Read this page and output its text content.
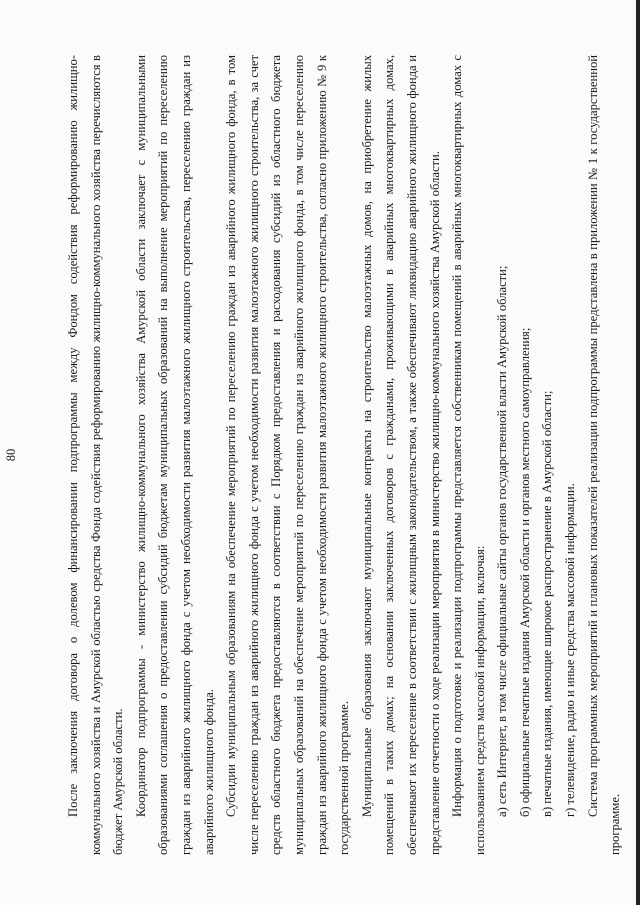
80	После заключения договора о долевом финансировании подпрограммы между Фондом содействия реформированию жилищно-коммунального хозяйства и Амурской областью средства Фонда содействия реформированию жилищно-коммунального хозяйства перечисляются в бюджет Амурской области. Координатор подпрограммы - министерство жилищно-коммунального хозяйства Амурской области заключает с муниципальными образованиями соглашения о предоставлении субсидий бюджетам муниципальных образований на выполнение мероприятий по переселению граждан из аварийного жилищного фонда с учетом необходимости развития малоэтажного жилищного строительства, переселению граждан из аварийного жилищного фонда. Субсидии муниципальным образованиям на обеспечение мероприятий по переселению граждан из аварийного жилищного фонда, в том числе переселению граждан из аварийного жилищного фонда с учетом необходимости развития малоэтажного жилищного строительства, за счет средств областного бюджета предоставляются в соответствии с Порядком предоставления и расходования субсидий из областного бюджета муниципальных образований на обеспечение мероприятий по переселению граждан из аварийного жилищного фонда, в том числе переселению граждан из аварийного жилищного фонда с учетом необходимости развития малоэтажного жилищного строительства, согласно приложению № 9 к государственной программе. Муниципальные образования заключают муниципальные контракты на строительство малоэтажных домов, на приобретение жилых помещений в таких домах; на основании заключенных договоров с гражданами, проживающими в аварийных многоквартирных домах, обеспечивают их переселение в соответствии с жилищным законодательством, а также обеспечивают ликвидацию аварийного жилищного фонда и представление отчетности о ходе реализации мероприятия в министерство жилищно-коммунального хозяйства Амурской области. Информация о подготовке и реализации подпрограммы представляется собственникам помещений в аварийных многоквартирных домах с использованием средств массовой информации, включая: а) сеть Интернет, в том числе официальные сайты органов государственной власти Амурской области; б) официальные печатные издания Амурской области и органов местного самоуправления; в) печатные издания, имеющие широкое распространение в Амурской области; г) телевидение, радио и иные средства массовой информации. Система программных мероприятий и плановых показателей реализации подпрограммы представлена в приложении № 1 к государственной программе.
